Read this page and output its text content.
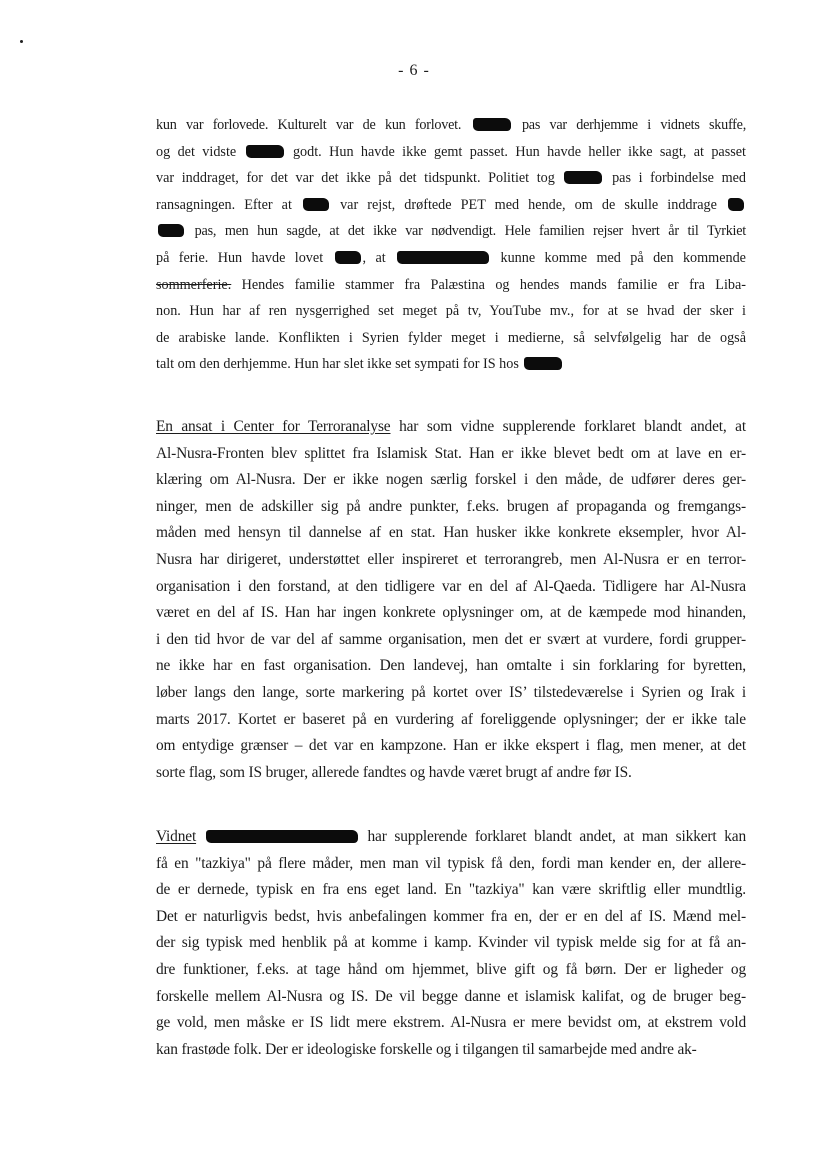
- 6 -
kun var forlovede. Kulturelt var de kun forlovet.	pas var derhjemme i vidnets skuffe,
og det vidste	godt. Hun havde ikke gemt passet. Hun havde heller ikke sagt, at passet
var inddraget, for det var det ikke på det tidspunkt. Politiet tog	pas i forbindelse med
ransagningen. Efter at  var rejst, drøftede PET med hende, om de skulle inddrage
pas, men hun sagde, at det ikke var nødvendigt. Hele familien rejser hvert år til Tyrkiet
på ferie. Hun havde lovet , at	kunne komme med på den kommende
sommerferie. Hendes familie stammer fra Palæstina og hendes mands familie er fra Liba-
non. Hun har af ren nysgerrighed set meget på tv, YouTube mv., for at se hvad der sker i
de arabiske lande. Konflikten i Syrien fylder meget i medierne, så selvfølgelig har de også
talt om den derhjemme. Hun har slet ikke set sympati for IS hos
En ansat i Center for Terroranalyse har som vidne supplerende forklaret blandt andet, at
Al-Nusra-Fronten blev splittet fra Islamisk Stat. Han er ikke blevet bedt om at lave en er-
klæring om Al-Nusra. Der er ikke nogen særlig forskel i den måde, de udfører deres ger-
ninger, men de adskiller sig på andre punkter, f.eks. brugen af propaganda og fremgangs-
måden med hensyn til dannelse af en stat. Han husker ikke konkrete eksempler, hvor Al-
Nusra har dirigeret, understøttet eller inspireret et terrorangreb, men Al-Nusra er en terror-
organisation i den forstand, at den tidligere var en del af Al-Qaeda. Tidligere har Al-Nusra
været en del af IS. Han har ingen konkrete oplysninger om, at de kæmpede mod hinanden,
i den tid hvor de var del af samme organisation, men det er svært at vurdere, fordi grupper-
ne ikke har en fast organisation. Den landevej, han omtalte i sin forklaring for byretten,
løber langs den lange, sorte markering på kortet over IS’ tilstedeværelse i Syrien og Irak i
marts 2017. Kortet er baseret på en vurdering af foreliggende oplysninger; der er ikke tale
om entydige grænser – det var en kampzone. Han er ikke ekspert i flag, men mener, at det
sorte flag, som IS bruger, allerede fandtes og havde været brugt af andre før IS.
Vidnet	har supplerende forklaret blandt andet, at man sikkert kan
få en "tazkiya" på flere måder, men man vil typisk få den, fordi man kender en, der allere-
de er dernede, typisk en fra ens eget land. En "tazkiya" kan være skriftlig eller mundtlig.
Det er naturligvis bedst, hvis anbefalingen kommer fra en, der er en del af IS. Mænd mel-
der sig typisk med henblik på at komme i kamp. Kvinder vil typisk melde sig for at få an-
dre funktioner, f.eks. at tage hånd om hjemmet, blive gift og få børn. Der er ligheder og
forskelle mellem Al-Nusra og IS. De vil begge danne et islamisk kalifat, og de bruger beg-
ge vold, men måske er IS lidt mere ekstrem. Al-Nusra er mere bevidst om, at ekstrem vold
kan frastøde folk. Der er ideologiske forskelle og i tilgangen til samarbejde med andre ak-
